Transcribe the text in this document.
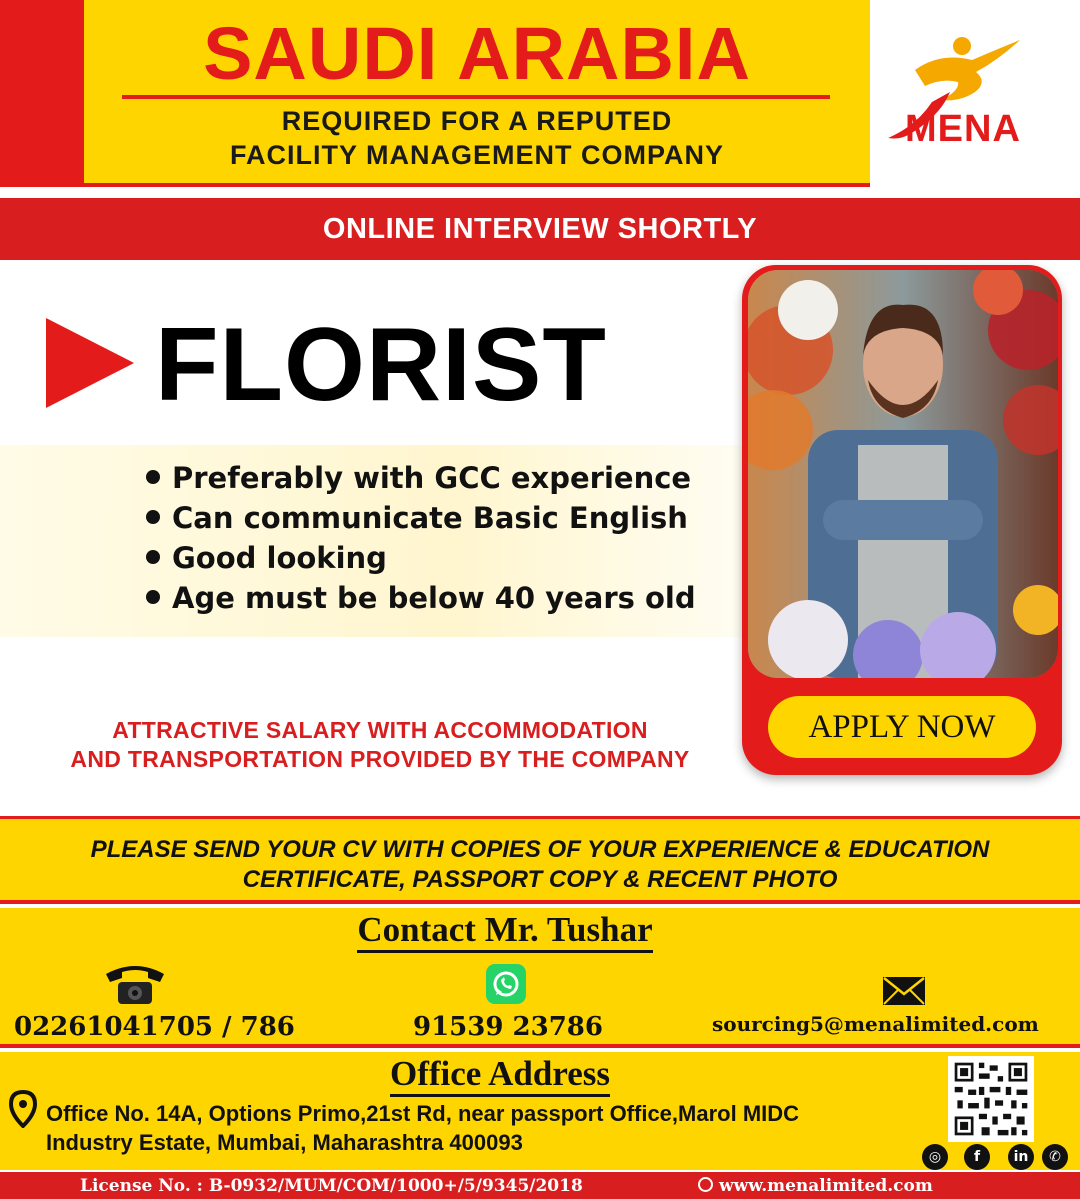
SAUDI ARABIA
REQUIRED FOR A REPUTED
FACILITY MANAGEMENT COMPANY
MENA
ONLINE INTERVIEW SHORTLY
FLORIST
Preferably with GCC experience
Can communicate Basic English
Good looking
Age must be below 40 years old
APPLY NOW
ATTRACTIVE SALARY WITH ACCOMMODATION
AND TRANSPORTATION PROVIDED BY THE COMPANY
PLEASE SEND YOUR CV WITH COPIES OF YOUR EXPERIENCE & EDUCATION
CERTIFICATE, PASSPORT COPY & RECENT PHOTO
Contact Mr. Tushar
02261041705 / 786	91539 23786	sourcing5@menalimited.com
Office Address
Office No. 14A, Options Primo,21st Rd, near passport Office,Marol MIDC
Industry Estate, Mumbai, Maharashtra 400093
◎	f	in	✆
License No. : B-0932/MUM/COM/1000+/5/9345/2018	www.menalimited.com
